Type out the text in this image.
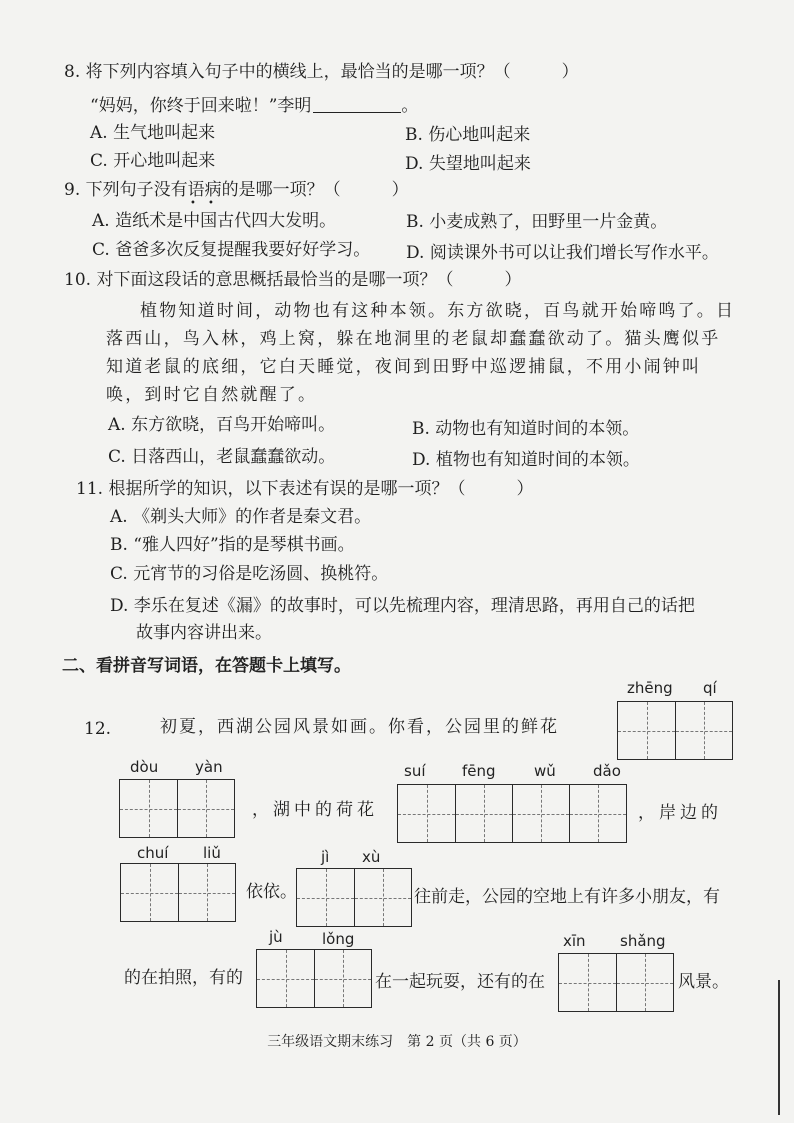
8. 将下列内容填入句子中的横线上，最恰当的是哪一项？（　　　）
“妈妈，你终于回来啦！”李明	。
A. 生气地叫起来	B. 伤心地叫起来
C. 开心地叫起来	D. 失望地叫起来
9. 下列句子没有语病的是哪一项？（　　　）
• •
A. 造纸术是中国古代四大发明。	B. 小麦成熟了，田野里一片金黄。
C. 爸爸多次反复提醒我要好好学习。 D. 阅读课外书可以让我们增长写作水平。
10. 对下面这段话的意思概括最恰当的是哪一项？（　　　）
植物知道时间，动物也有这种本领。东方欲晓，百鸟就开始啼鸣了。日落西山，鸟入林，鸡上窝，躲在地洞里的老鼠却蠢蠢欲动了。猫头鹰似乎知道老鼠的底细，它白天睡觉，夜间到田野中巡逻捕鼠，不用小闹钟叫唤，到时它自然就醒了。
A. 东方欲晓，百鸟开始啼叫。	B. 动物也有知道时间的本领。
C. 日落西山，老鼠蠢蠢欲动。	D. 植物也有知道时间的本领。
11. 根据所学的知识，以下表述有误的是哪一项？（　　　）
A. 《剃头大师》的作者是秦文君。
B. “雅人四好”指的是琴棋书画。
C. 元宵节的习俗是吃汤圆、换桃符。
D. 李乐在复述《漏》的故事时，可以先梳理内容，理清思路，再用自己的话把
故事内容讲出来。
二、看拼音写词语，在答题卡上填写。
12.	初夏，西湖公园风景如画。你看，公园里的鲜花
zhēng qí
dòu yàn
，湖中的荷花
suí fēng	wǔ dǎo
，岸边的
chuí liǔ
依依。
jì xù
往前走，公园的空地上有许多小朋友，有
jù	lǒng
的在拍照，有的	在一起玩耍，还有的在
xīn shǎng
风景。
三年级语文期末练习　第 2 页（共 6 页）
